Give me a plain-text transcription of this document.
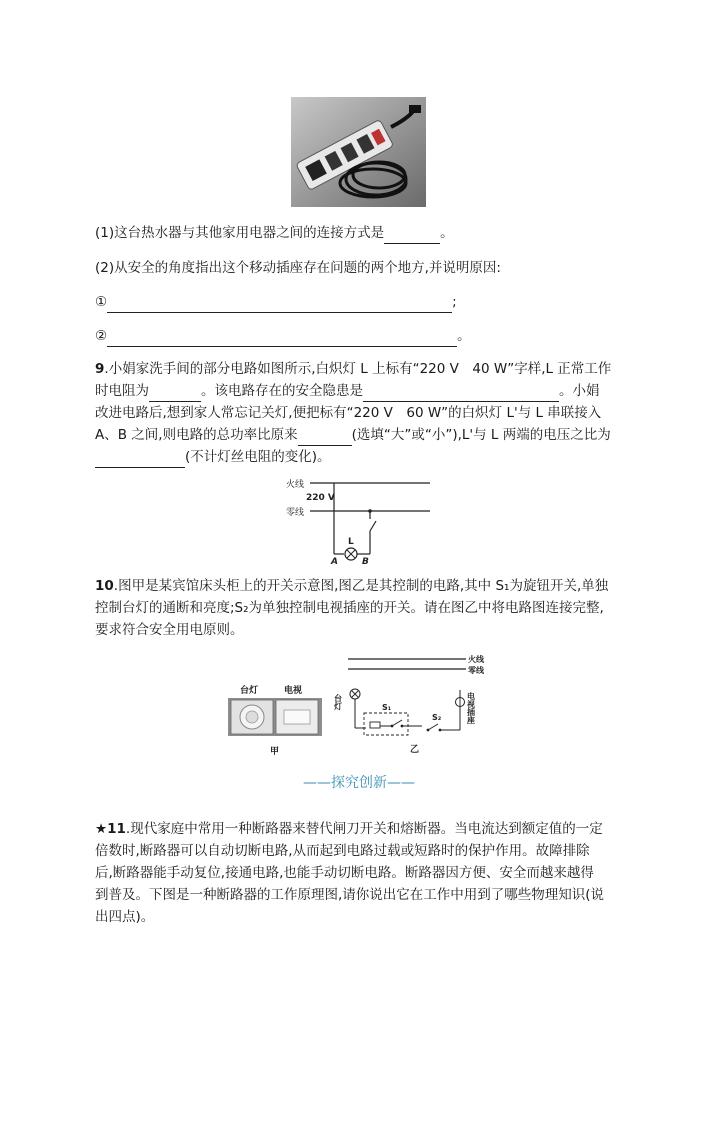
(1)这台热水器与其他家用电器之间的连接方式是	。
(2)从安全的角度指出这个移动插座存在问题的两个地方,并说明原因:
①	;
②	。
9.小娟家洗手间的部分电路如图所示,白炽灯 L 上标有“220 V　40 W”字样,L 正常工作
时电阻为	。该电路存在的安全隐患是	。小娟
改进电路后,想到家人常忘记关灯,便把标有“220 V　60 W”的白炽灯 L'与 L 串联接入
A、B 之间,则电路的总功率比原来	(选填“大”或“小”),L'与 L 两端的电压之比为
(不计灯丝电阻的变化)。
火线
零线
220 V
L
A	B
10.图甲是某宾馆床头柜上的开关示意图,图乙是其控制的电路,其中 S₁为旋钮开关,单独
控制台灯的通断和亮度;S₂为单独控制电视插座的开关。请在图乙中将电路图连接完整,
要求符合安全用电原则。
台灯	电视
甲
火线
零线
台灯	S₁
S₂	电视插座
乙
——探究创新——
★11.现代家庭中常用一种断路器来替代闸刀开关和熔断器。当电流达到额定值的一定
倍数时,断路器可以自动切断电路,从而起到电路过载或短路时的保护作用。故障排除
后,断路器能手动复位,接通电路,也能手动切断电路。断路器因方便、安全而越来越得
到普及。下图是一种断路器的工作原理图,请你说出它在工作中用到了哪些物理知识(说
出四点)。
